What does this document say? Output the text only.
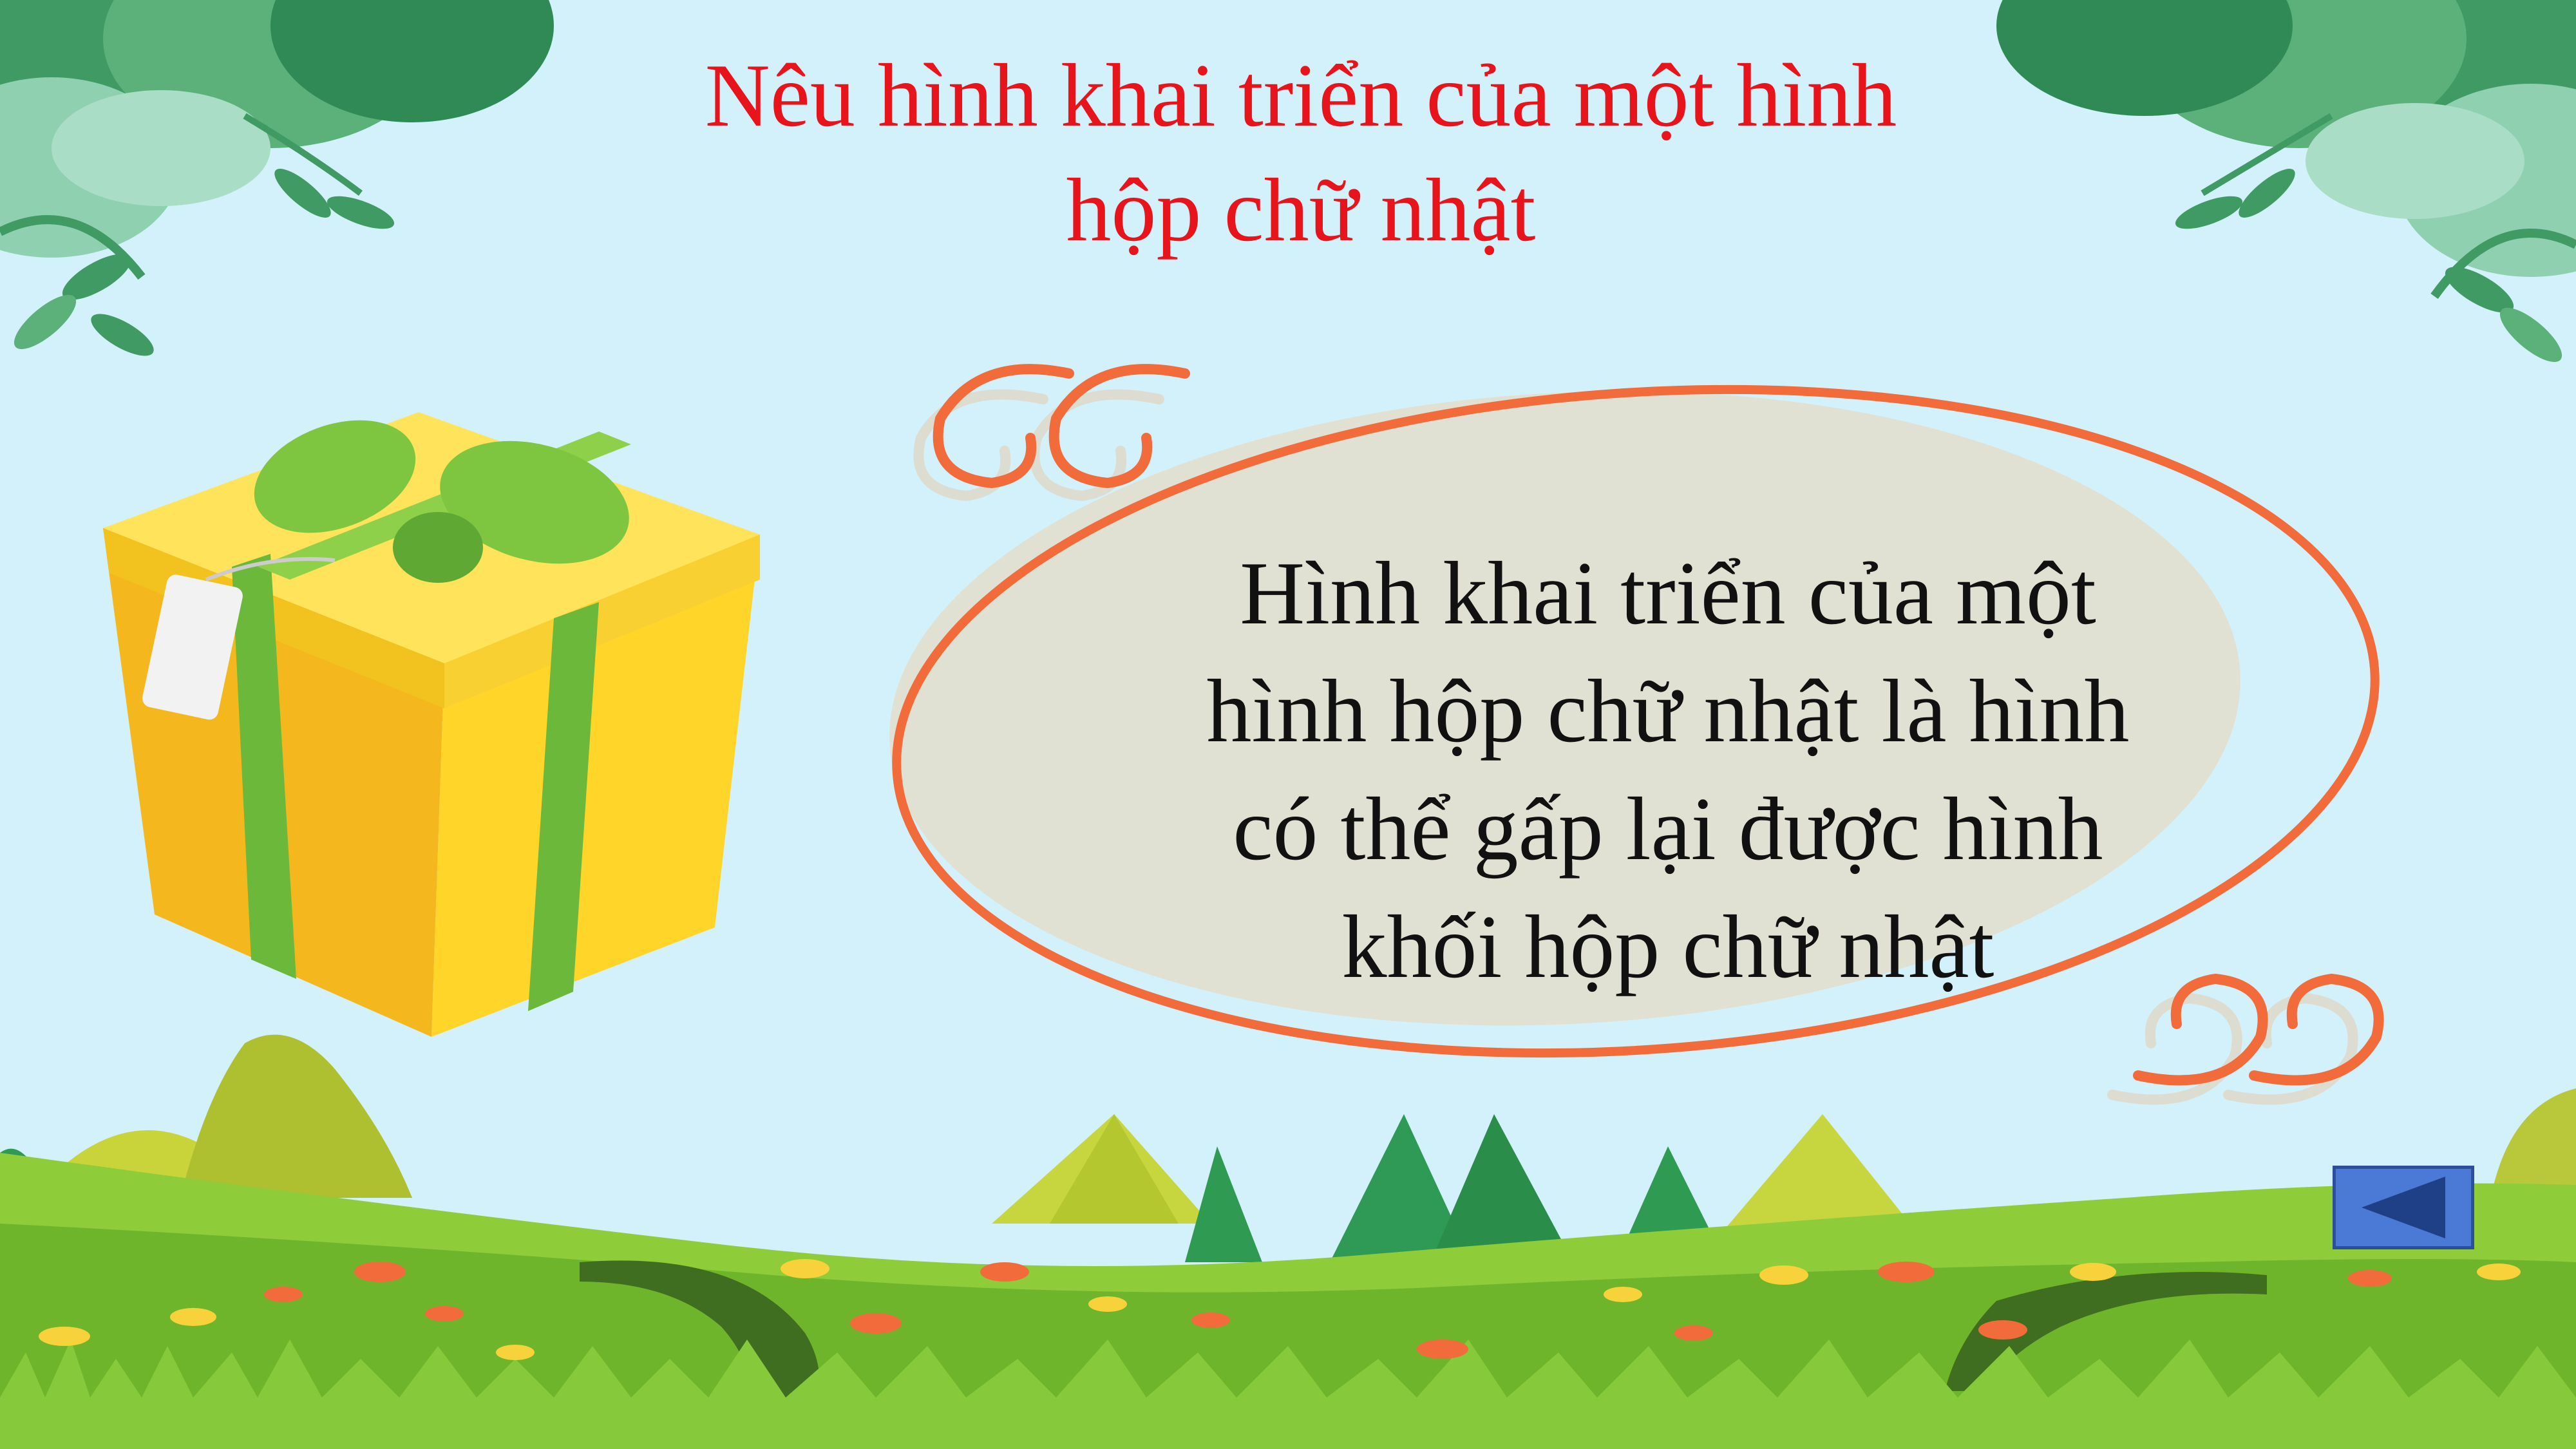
Nêu hình khai triển của một hình
hộp chữ nhật
Hình khai triển của một
hình hộp chữ nhật là hình
có thể gấp lại được hình
khối hộp chữ nhật
